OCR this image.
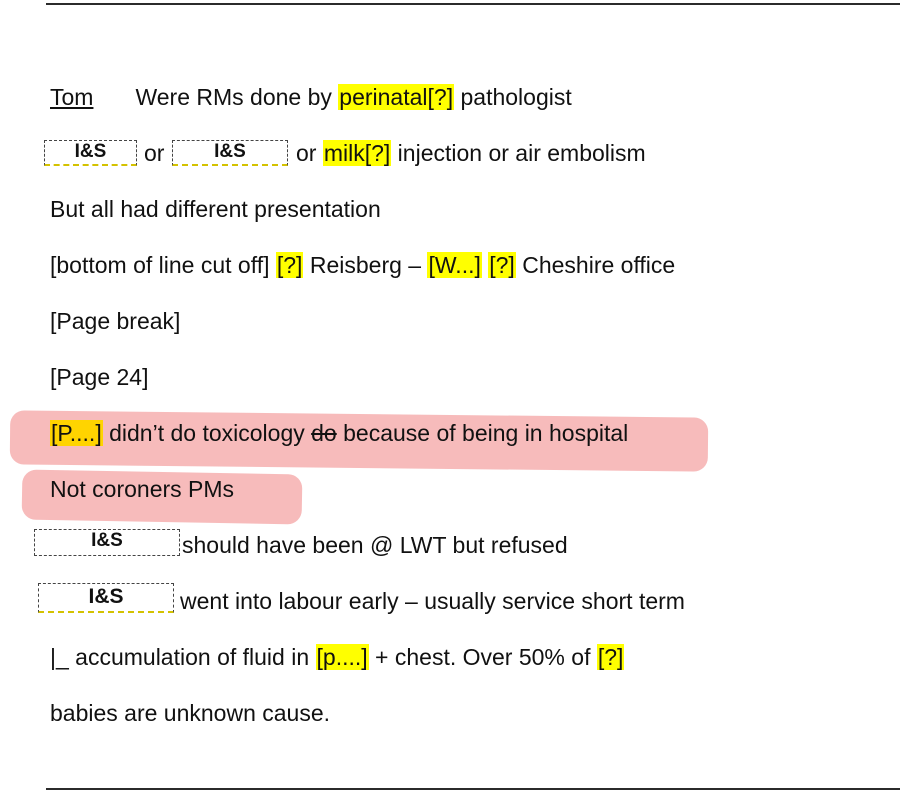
Tom Were RMs done by perinatal[?] pathologist
I&S	or	I&S	or milk[?] injection or air embolism
But all had different presentation
[bottom of line cut off] [?] Reisberg – [W...] [?] Cheshire office
[Page break]
[Page 24]
[P....] didn’t do toxicology do because of being in hospital
Not coroners PMs
I&S	should have been @ LWT but refused
I&S	went into labour early – usually service short term
|_ accumulation of fluid in [p....] + chest. Over 50% of [?]
babies are unknown cause.
